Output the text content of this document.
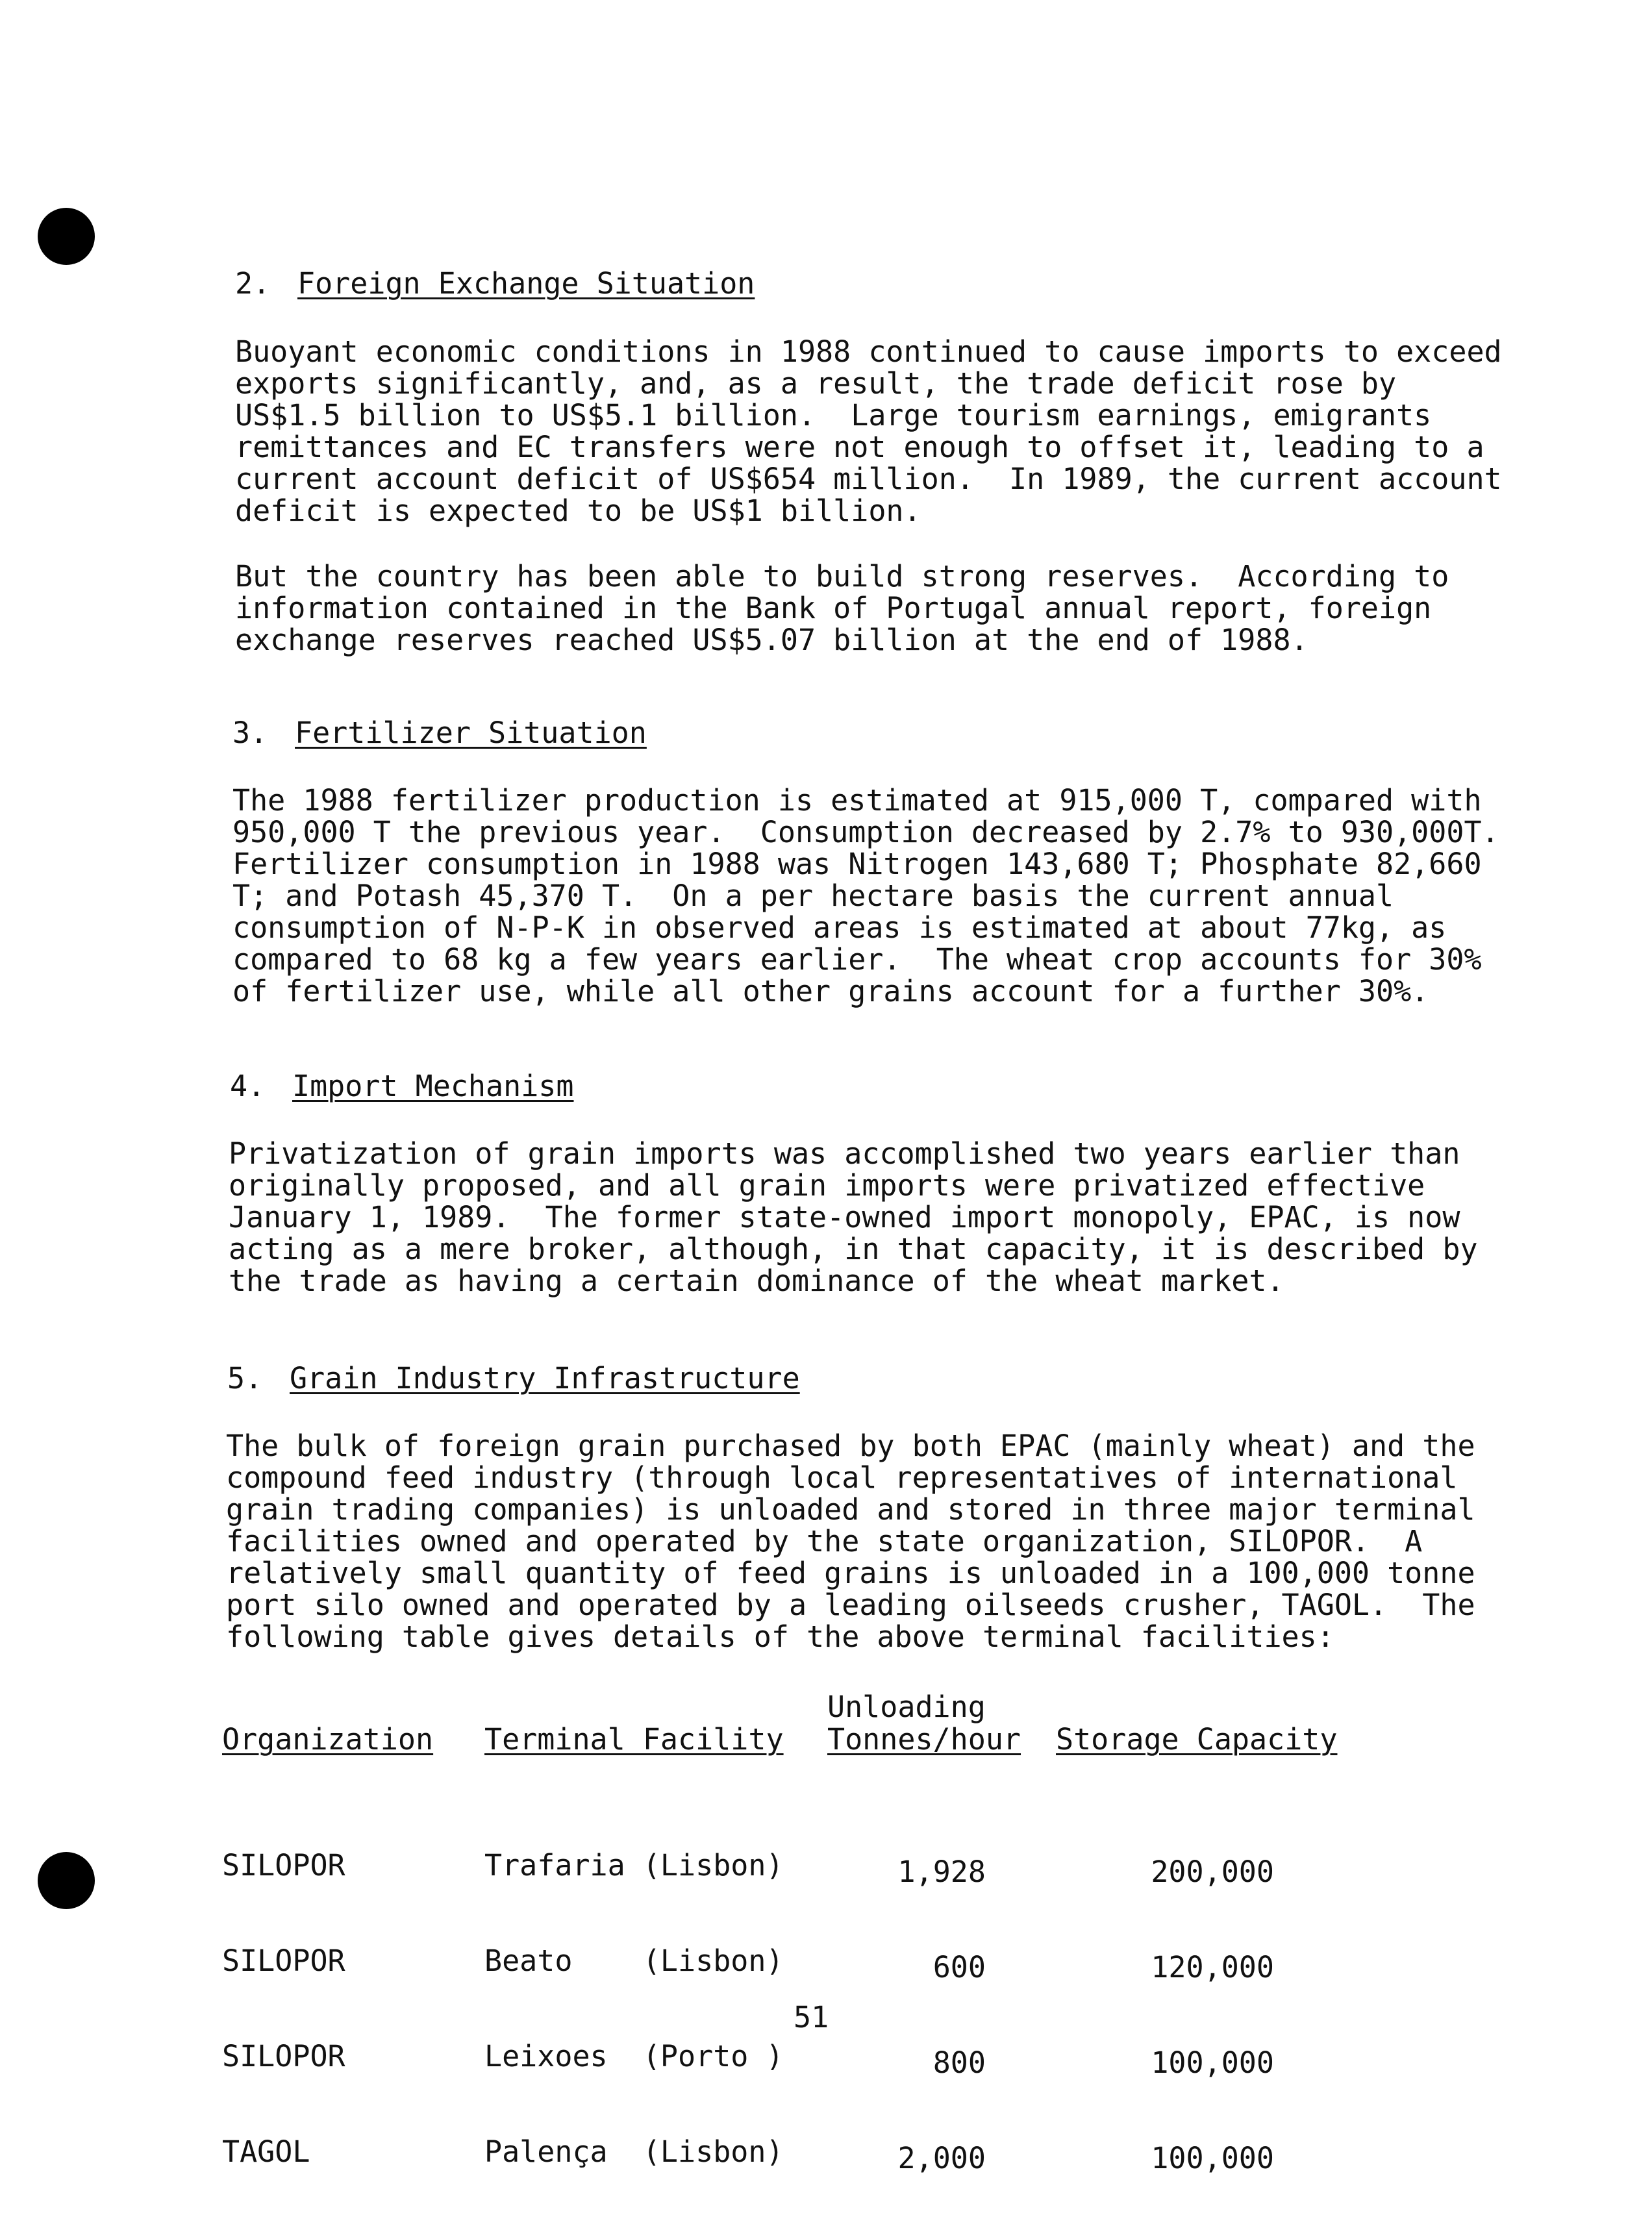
2. Foreign Exchange Situation
Buoyant economic conditions in 1988 continued to cause imports to exceed
exports significantly, and, as a result, the trade deficit rose by
US$1.5 billion to US$5.1 billion.  Large tourism earnings, emigrants
remittances and EC transfers were not enough to offset it, leading to a
current account deficit of US$654 million.  In 1989, the current account
deficit is expected to be US$1 billion.
But the country has been able to build strong reserves.  According to
information contained in the Bank of Portugal annual report, foreign
exchange reserves reached US$5.07 billion at the end of 1988.
3. Fertilizer Situation
The 1988 fertilizer production is estimated at 915,000 T, compared with
950,000 T the previous year.  Consumption decreased by 2.7% to 930,000T.
Fertilizer consumption in 1988 was Nitrogen 143,680 T; Phosphate 82,660
T; and Potash 45,370 T.  On a per hectare basis the current annual
consumption of N-P-K in observed areas is estimated at about 77kg, as
compared to 68 kg a few years earlier.  The wheat crop accounts for 30%
of fertilizer use, while all other grains account for a further 30%.
4. Import Mechanism
Privatization of grain imports was accomplished two years earlier than
originally proposed, and all grain imports were privatized effective
January 1, 1989.  The former state-owned import monopoly, EPAC, is now
acting as a mere broker, although, in that capacity, it is described by
the trade as having a certain dominance of the wheat market.
5. Grain Industry Infrastructure
The bulk of foreign grain purchased by both EPAC (mainly wheat) and the
compound feed industry (through local representatives of international
grain trading companies) is unloaded and stored in three major terminal
facilities owned and operated by the state organization, SILOPOR.  A
relatively small quantity of feed grains is unloaded in a 100,000 tonne
port silo owned and operated by a leading oilseeds crusher, TAGOL.  The
following table gives details of the above terminal facilities:
Organization Terminal Facility
Unloading
Tonnes/hour Storage Capacity

SILOPOR

SILOPOR

SILOPOR

TAGOL

Trafaria (Lisbon)

Beato    (Lisbon)

Leixoes  (Porto )

Palença  (Lisbon)

1,928

600

800

2,000

200,000

120,000

100,000

100,000

51
